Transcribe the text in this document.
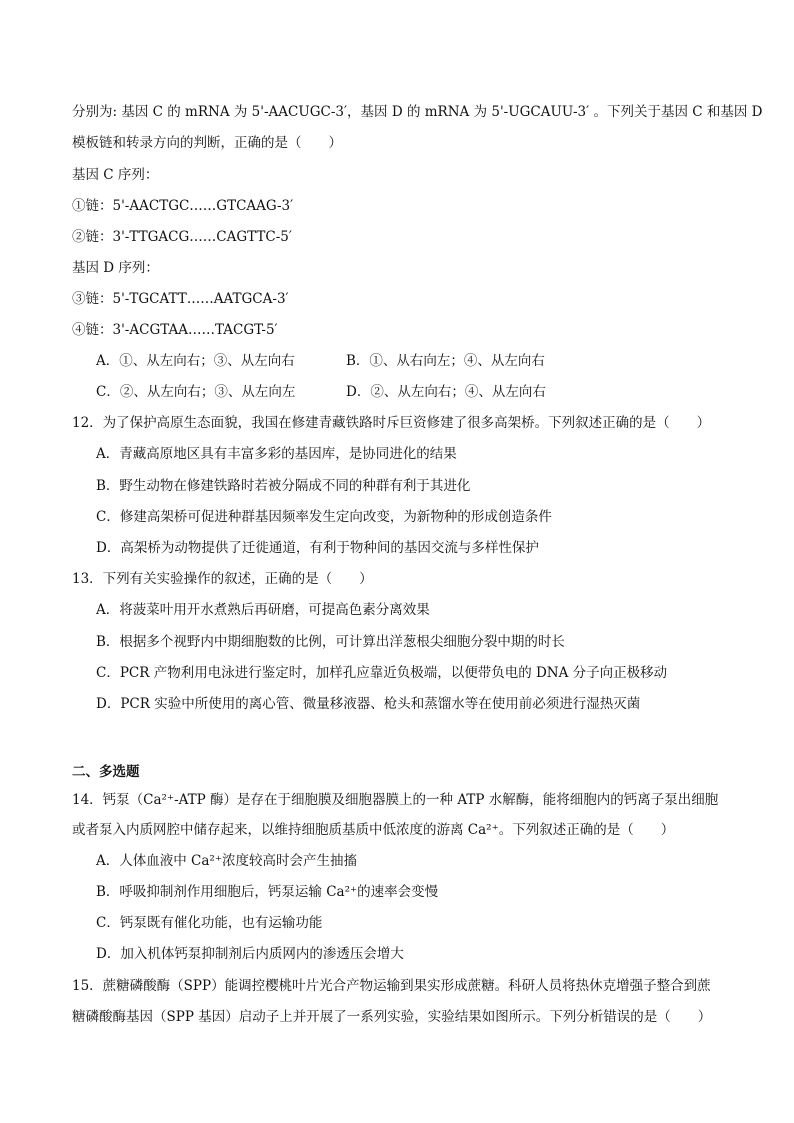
分别为: 基因 C 的 mRNA 为 5'-AACUGC-3′，基因 D 的 mRNA 为 5'-UGCAUU-3′ 。下列关于基因 C 和基因 D
模板链和转录方向的判断，正确的是（　　）
基因 C 序列：
①链：5'-AACTGC……GTCAAG-3′
②链：3'-TTGACG……CAGTTC-5′
基因 D 序列：
③链：5'-TGCATT……AATGCA-3′
④链：3'-ACGTAA……TACGT-5′
A．①、从左向右；③、从左向右	B．①、从右向左；④、从左向右
C．②、从左向右；③、从左向左	D．②、从左向右；④、从左向右
12．为了保护高原生态面貌，我国在修建青藏铁路时斥巨资修建了很多高架桥。下列叙述正确的是（　　）
A．青藏高原地区具有丰富多彩的基因库，是协同进化的结果
B．野生动物在修建铁路时若被分隔成不同的种群有利于其进化
C．修建高架桥可促进种群基因频率发生定向改变，为新物种的形成创造条件
D．高架桥为动物提供了迁徙通道，有利于物种间的基因交流与多样性保护
13．下列有关实验操作的叙述，正确的是（　　）
A．将菠菜叶用开水煮熟后再研磨，可提高色素分离效果
B．根据多个视野内中期细胞数的比例，可计算出洋葱根尖细胞分裂中期的时长
C．PCR 产物利用电泳进行鉴定时，加样孔应靠近负极端，以便带负电的 DNA 分子向正极移动
D．PCR 实验中所使用的离心管、微量移液器、枪头和蒸馏水等在使用前必须进行湿热灭菌
二、多选题
14．钙泵（Ca²⁺-ATP 酶）是存在于细胞膜及细胞器膜上的一种 ATP 水解酶，能将细胞内的钙离子泵出细胞
或者泵入内质网腔中储存起来，以维持细胞质基质中低浓度的游离 Ca²⁺。下列叙述正确的是（　　）
A．人体血液中 Ca²⁺浓度较高时会产生抽搐
B．呼吸抑制剂作用细胞后，钙泵运输 Ca²⁺的速率会变慢
C．钙泵既有催化功能，也有运输功能
D．加入机体钙泵抑制剂后内质网内的渗透压会增大
15．蔗糖磷酸酶（SPP）能调控樱桃叶片光合产物运输到果实形成蔗糖。科研人员将热休克增强子整合到蔗
糖磷酸酶基因（SPP 基因）启动子上并开展了一系列实验，实验结果如图所示。下列分析错误的是（　　）
